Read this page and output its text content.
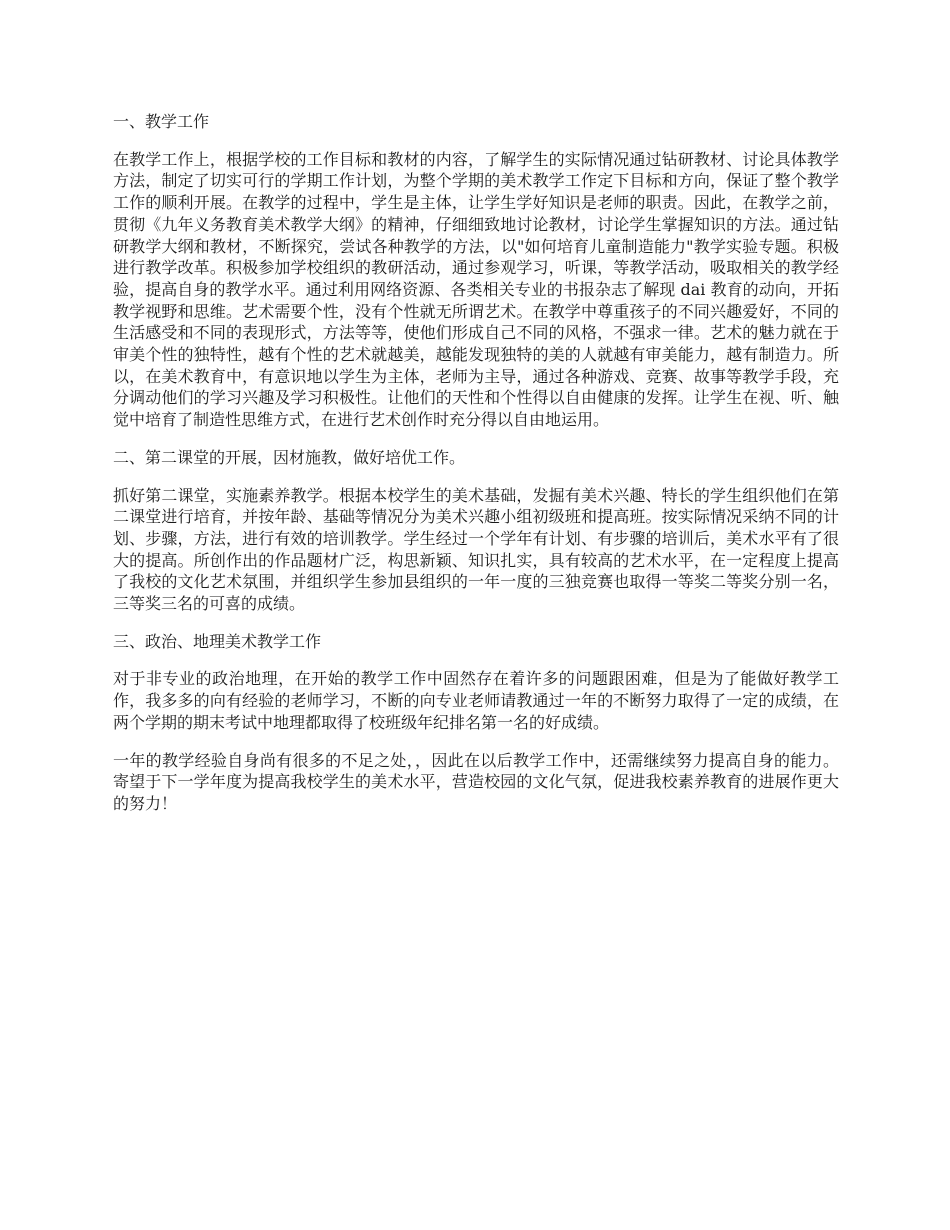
一、教学工作

在教学工作上，根据学校的工作目标和教材的内容，了解学生的实际情况通过钻研教材、讨论具体教学方法，制定了切实可行的学期工作计划，为整个学期的美术教学工作定下目标和方向，保证了整个教学工作的顺利开展。在教学的过程中，学生是主体，让学生学好知识是老师的职责。因此，在教学之前，贯彻《九年义务教育美术教学大纲》的精神，仔细细致地讨论教材，讨论学生掌握知识的方法。通过钻研教学大纲和教材，不断探究，尝试各种教学的方法，以"如何培育儿童制造能力"教学实验专题。积极进行教学改革。积极参加学校组织的教研活动，通过参观学习，听课，等教学活动，吸取相关的教学经验，提高自身的教学水平。通过利用网络资源、各类相关专业的书报杂志了解现 dai 教育的动向，开拓教学视野和思维。艺术需要个性，没有个性就无所谓艺术。在教学中尊重孩子的不同兴趣爱好，不同的生活感受和不同的表现形式，方法等等，使他们形成自己不同的风格，不强求一律。艺术的魅力就在于审美个性的独特性，越有个性的艺术就越美，越能发现独特的美的人就越有审美能力，越有制造力。所以，在美术教育中，有意识地以学生为主体，老师为主导，通过各种游戏、竞赛、故事等教学手段，充分调动他们的学习兴趣及学习积极性。让他们的天性和个性得以自由健康的发挥。让学生在视、听、触觉中培育了制造性思维方式，在进行艺术创作时充分得以自由地运用。

二、第二课堂的开展，因材施教，做好培优工作。

抓好第二课堂，实施素养教学。根据本校学生的美术基础，发掘有美术兴趣、特长的学生组织他们在第二课堂进行培育，并按年龄、基础等情况分为美术兴趣小组初级班和提高班。按实际情况采纳不同的计划、步骤，方法，进行有效的培训教学。学生经过一个学年有计划、有步骤的培训后，美术水平有了很大的提高。所创作出的作品题材广泛，构思新颖、知识扎实，具有较高的艺术水平，在一定程度上提高了我校的文化艺术氛围，并组织学生参加县组织的一年一度的三独竞赛也取得一等奖二等奖分别一名，三等奖三名的可喜的成绩。

三、政治、地理美术教学工作

对于非专业的政治地理，在开始的教学工作中固然存在着许多的问题跟困难，但是为了能做好教学工作，我多多的向有经验的老师学习，不断的向专业老师请教通过一年的不断努力取得了一定的成绩，在两个学期的期末考试中地理都取得了校班级年纪排名第一名的好成绩。

一年的教学经验自身尚有很多的不足之处，，因此在以后教学工作中，还需继续努力提高自身的能力。寄望于下一学年度为提高我校学生的美术水平，营造校园的文化气氛，促进我校素养教育的进展作更大的努力！
